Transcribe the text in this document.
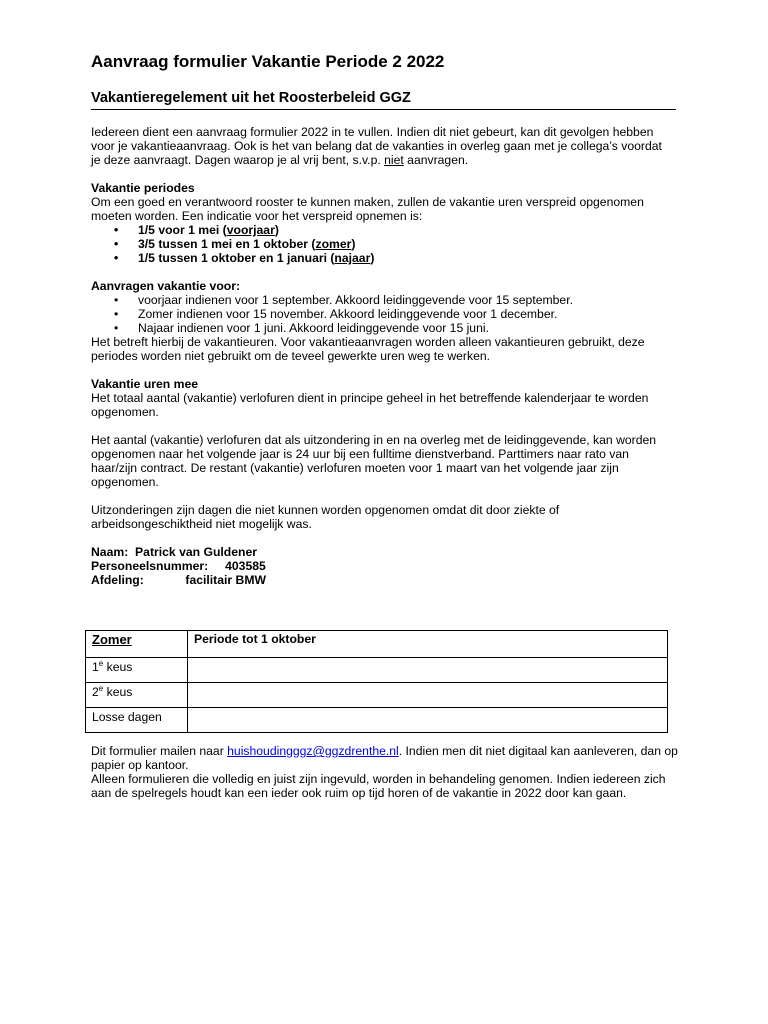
Aanvraag formulier Vakantie Periode 2 2022
Vakantieregelement uit het Roosterbeleid GGZ

Iedereen dient een aanvraag formulier 2022 in te vullen. Indien dit niet gebeurt, kan dit gevolgen hebben voor je vakantieaanvraag. Ook is het van belang dat de vakanties in overleg gaan met je collega’s voordat je deze aanvraagt. Dagen waarop je al vrij bent, s.v.p. niet aanvragen.

Vakantie periodes
Om een goed en verantwoord rooster te kunnen maken, zullen de vakantie uren verspreid opgenomen moeten worden. Een indicatie voor het verspreid opnemen is:
• 1/5 voor 1 mei (voorjaar)
• 3/5 tussen 1 mei en 1 oktober (zomer)
• 1/5 tussen 1 oktober en 1 januari (najaar)
Aanvragen vakantie voor:
• voorjaar indienen voor 1 september. Akkoord leidinggevende voor 15 september.
• Zomer indienen voor 15 november. Akkoord leidinggevende voor 1 december.
• Najaar indienen voor 1 juni. Akkoord leidinggevende voor 15 juni.
Het betreft hierbij de vakantieuren. Voor vakantieaanvragen worden alleen vakantieuren gebruikt, deze periodes worden niet gebruikt om de teveel gewerkte uren weg te werken.
Vakantie uren mee
Het totaal aantal (vakantie) verlofuren dient in principe geheel in het betreffende kalenderjaar te worden opgenomen.

Het aantal (vakantie) verlofuren dat als uitzondering in en na overleg met de leidinggevende, kan worden opgenomen naar het volgende jaar is 24 uur bij een fulltime dienstverband. Parttimers naar rato van haar/zijn contract. De restant (vakantie) verlofuren moeten voor 1 maart van het volgende jaar zijn opgenomen.

Uitzonderingen zijn dagen die niet kunnen worden opgenomen omdat dit door ziekte of arbeidsongeschiktheid niet mogelijk was.

Naam: Patrick van Guldener
Personeelsnummer: 403585
Afdeling:	facilitair BMW
Zomer	Periode tot 1 oktober
1e keus	
2e keus	
Losse dagen	
Dit formulier mailen naar huishoudingggz@ggzdrenthe.nl. Indien men dit niet digitaal kan aanleveren, dan op papier op kantoor.
Alleen formulieren die volledig en juist zijn ingevuld, worden in behandeling genomen. Indien iedereen zich aan de spelregels houdt kan een ieder ook ruim op tijd horen of de vakantie in 2022 door kan gaan.
